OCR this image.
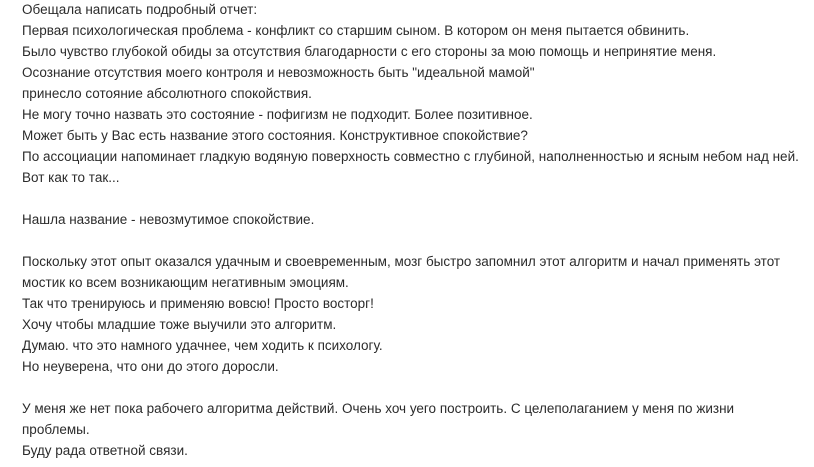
Обещала написать подробный отчет:
Первая психологическая проблема - конфликт со старшим сыном. В котором он меня пытается обвинить.
Было чувство глубокой обиды за отсутствия благодарности с его стороны за мою помощь и непринятие меня.
Осознание отсутствия моего контроля и невозможность быть "идеальной мамой"
принесло сотояние абсолютного спокойствия.
Не могу точно назвать это состояние - пофигизм не подходит. Более позитивное.
Может быть у Вас есть название этого состояния. Конструктивное спокойствие?
По ассоциации напоминает гладкую водяную поверхность совместно с глубиной, наполненностью и ясным небом над ней. Вот как то так...
Нашла название - невозмутимое спокойствие.
Поскольку этот опыт оказался удачным и своевременным, мозг быстро запомнил этот алгоритм и начал применять этот мостик ко всем возникающим негативным эмоциям.
Так что тренируюсь и применяю вовсю! Просто восторг!
Хочу чтобы младшие тоже выучили это алгоритм.
Думаю. что это намного удачнее, чем ходить к психологу.
Но неуверена, что они до этого доросли.
У меня же нет пока рабочего алгоритма действий. Очень хоч уего построить. С целеполаганием у меня по жизни проблемы.
Буду рада ответной связи.
